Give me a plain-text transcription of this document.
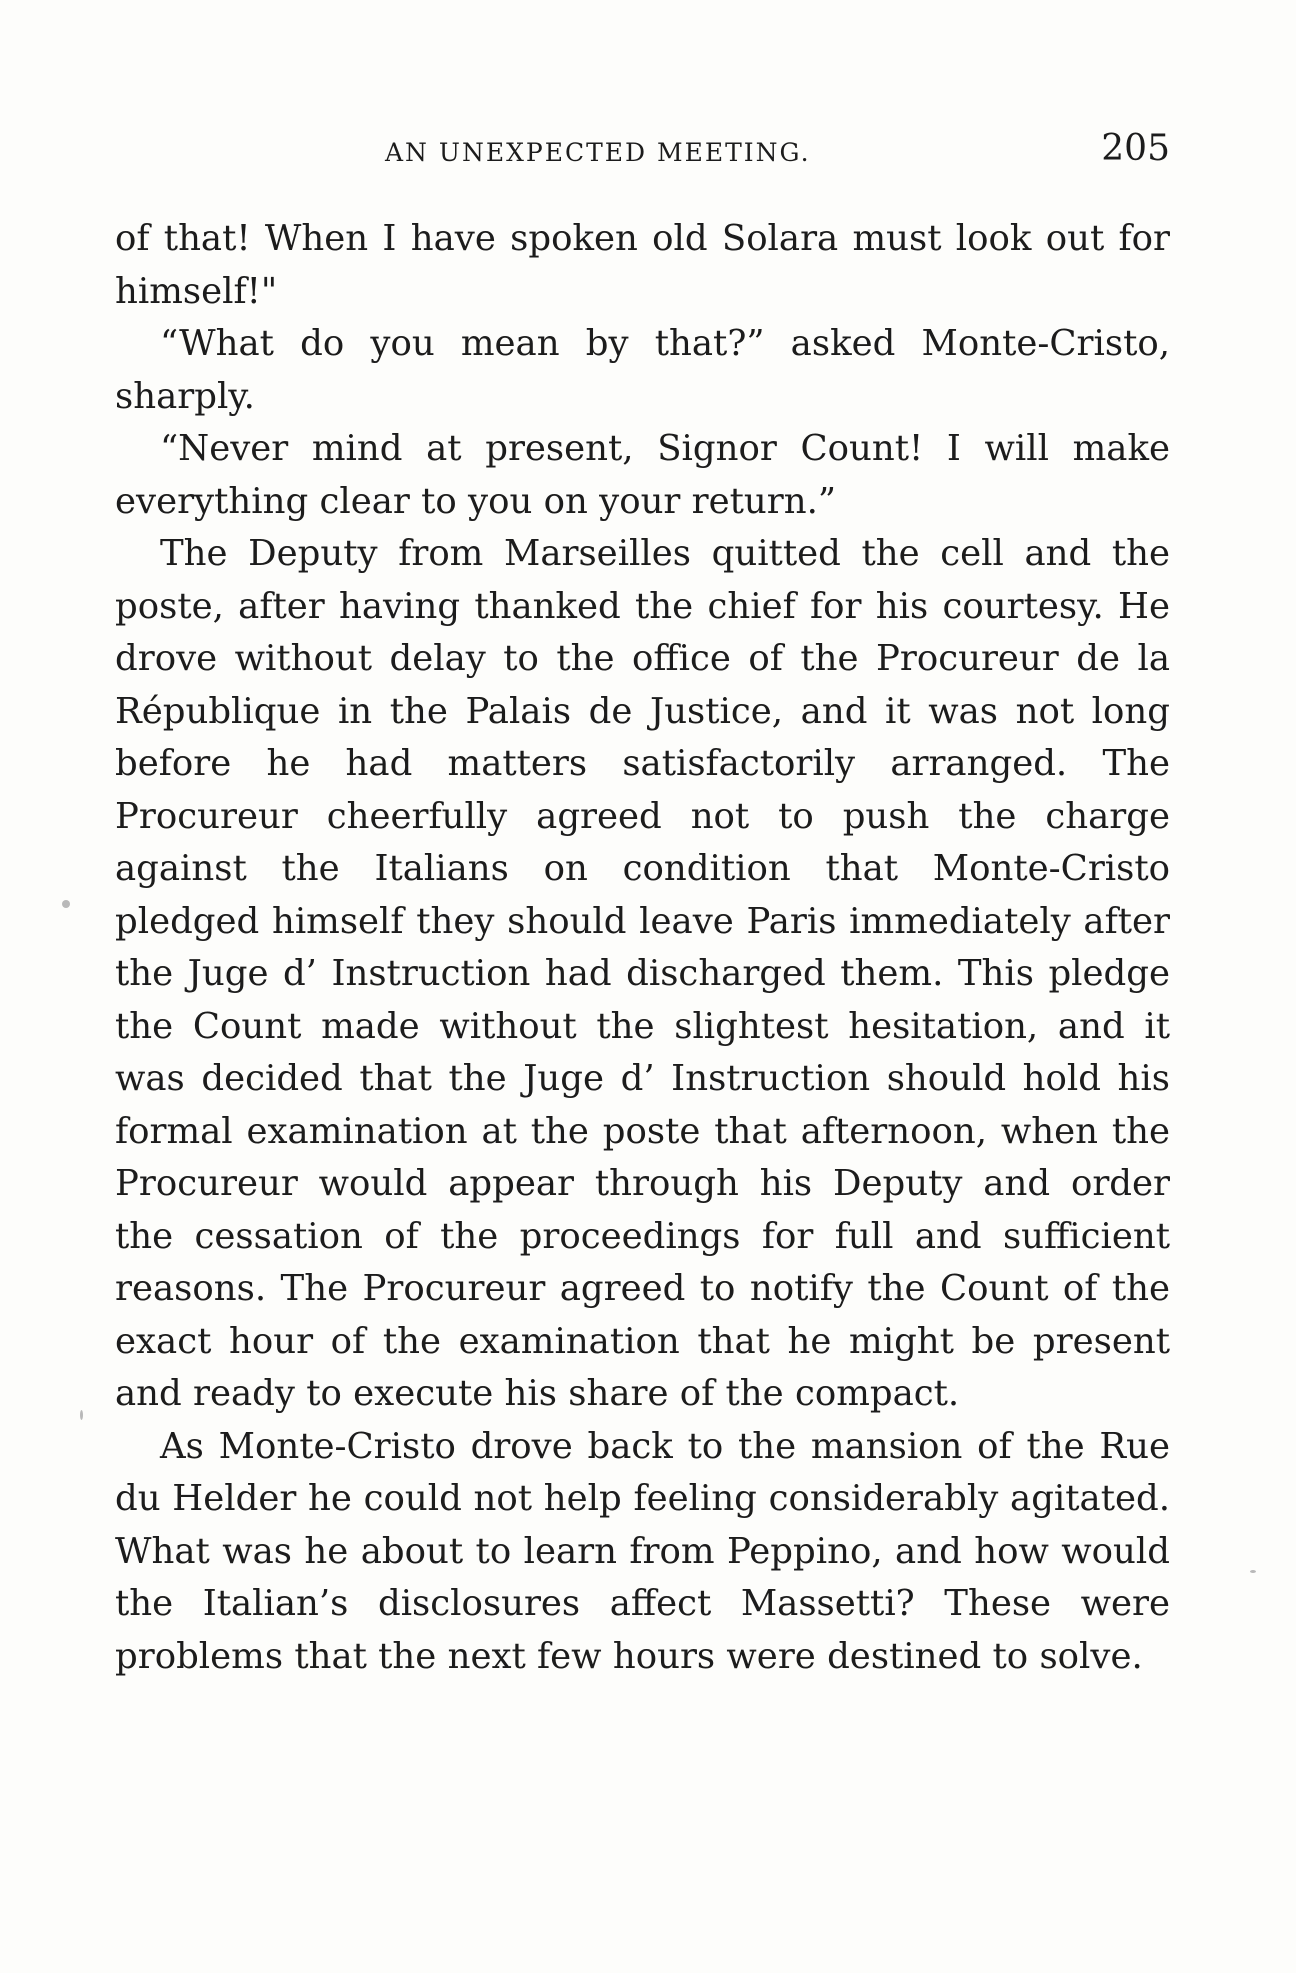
AN UNEXPECTED MEETING.	205

of that! When I have spoken old Solara must look out for himself!"

“What do you mean by that?” asked Monte-Cristo, sharply.

“Never mind at present, Signor Count! I will make everything clear to you on your return.”

The Deputy from Marseilles quitted the cell and the poste, after having thanked the chief for his courtesy. He drove without delay to the office of the Procureur de la République in the Palais de Justice, and it was not long before he had matters satisfactorily arranged. The Procureur cheerfully agreed not to push the charge against the Italians on condition that Monte-Cristo pledged himself they should leave Paris immediately after the Juge d’ Instruction had discharged them. This pledge the Count made without the slightest hesitation, and it was decided that the Juge d’ Instruction should hold his formal examination at the poste that afternoon, when the Procureur would appear through his Deputy and order the cessation of the proceedings for full and sufficient reasons. The Procureur agreed to notify the Count of the exact hour of the examination that he might be present and ready to execute his share of the compact.

As Monte-Cristo drove back to the mansion of the Rue du Helder he could not help feeling considerably agitated. What was he about to learn from Peppino, and how would the Italian’s disclosures affect Massetti? These were problems that the next few hours were destined to solve.
